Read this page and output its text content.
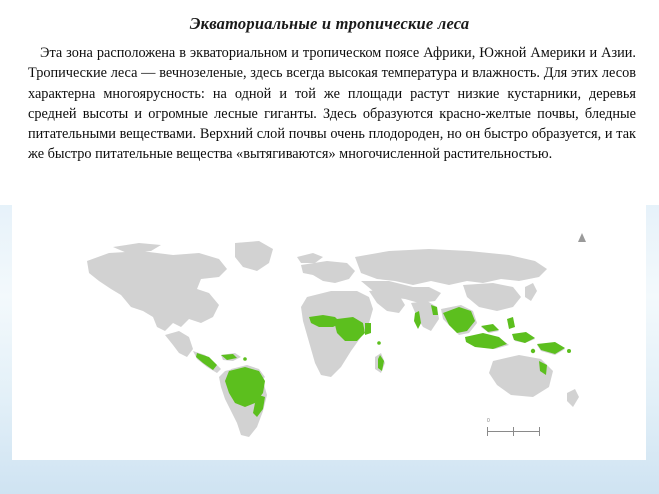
Экваториальные и тропические леса
Эта зона расположена в экваториальном и тропическом поясе Африки, Южной Америки и Азии. Тропические леса — вечнозеленые, здесь всегда высокая температура и влажность. Для этих лесов характерна многоярусность: на одной и той же площади растут низкие кустарники, деревья средней высоты и огромные лесные гиганты. Здесь образуются красно-желтые почвы, бледные питательными веществами. Верхний слой почвы очень плодороден, но он быстро образуется, и так же быстро питательные вещества «вытягиваются» многочисленной растительностью.
0
